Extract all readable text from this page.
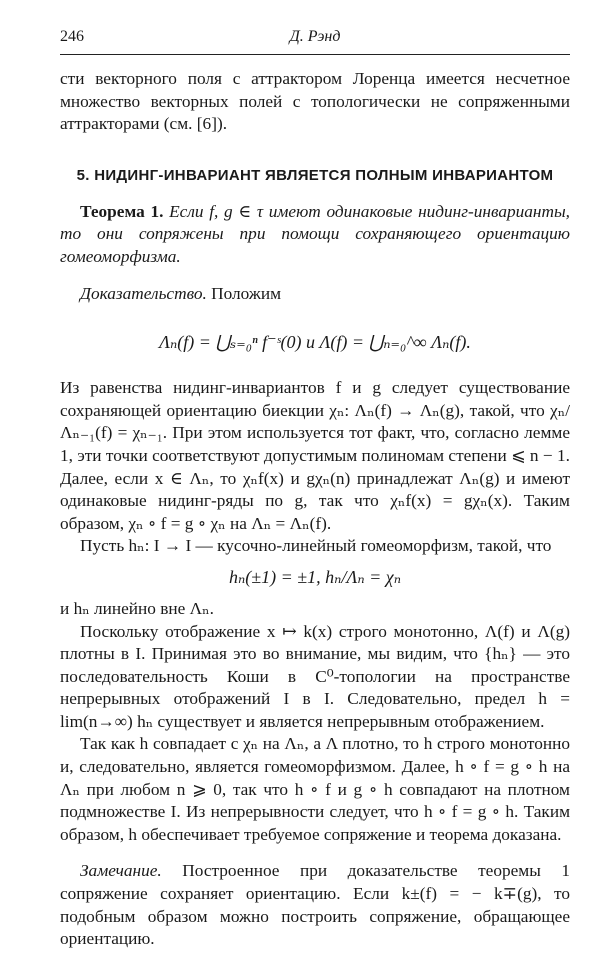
246	Д. Рэнд

сти векторного поля с аттрактором Лоренца имеется несчетное множество векторных полей с топологически не сопряженными аттракторами (см. [6]).

5. НИДИНГ-ИНВАРИАНТ ЯВЛЯЕТСЯ ПОЛНЫМ ИНВАРИАНТОМ

Теорема 1. Если f, g ∈ τ имеют одинаковые нидинг-инварианты, то они сопряжены при помощи сохраняющего ориентацию гомеоморфизма.

Доказательство. Положим

Λₙ(f) = ⋃ₛ₌₀ⁿ f⁻ˢ(0) и Λ(f) = ⋃ₙ₌₀^∞ Λₙ(f).

Из равенства нидинг-инвариантов f и g следует существование сохраняющей ориентацию биекции χₙ: Λₙ(f) → Λₙ(g), такой, что χₙ/Λₙ₋₁(f) = χₙ₋₁. При этом используется тот факт, что, согласно лемме 1, эти точки соответствуют допустимым полиномам степени ⩽ n − 1. Далее, если x ∈ Λₙ, то χₙf(x) и gχₙ(n) принадлежат Λₙ(g) и имеют одинаковые нидинг-ряды по g, так что χₙf(x) = gχₙ(x). Таким образом, χₙ ∘ f = g ∘ χₙ на Λₙ = Λₙ(f).

Пусть hₙ: I → I — кусочно-линейный гомеоморфизм, такой, что

hₙ(±1) = ±1, hₙ/Λₙ = χₙ

и hₙ линейно вне Λₙ.

Поскольку отображение x ↦ k(x) строго монотонно, Λ(f) и Λ(g) плотны в I. Принимая это во внимание, мы видим, что {hₙ} — это последовательность Коши в C⁰-топологии на пространстве непрерывных отображений I в I. Следовательно, предел h = lim(n→∞) hₙ существует и является непрерывным отображением.

Так как h совпадает с χₙ на Λₙ, а Λ плотно, то h строго монотонно и, следовательно, является гомеоморфизмом. Далее, h ∘ f = g ∘ h на Λₙ при любом n ⩾ 0, так что h ∘ f и g ∘ h совпадают на плотном подмножестве I. Из непрерывности следует, что h ∘ f = g ∘ h. Таким образом, h обеспечивает требуемое сопряжение и теорема доказана.

Замечание. Построенное при доказательстве теоремы 1 сопряжение сохраняет ориентацию. Если k±(f) = − k∓(g), то подобным образом можно построить сопряжение, обращающее ориентацию.
